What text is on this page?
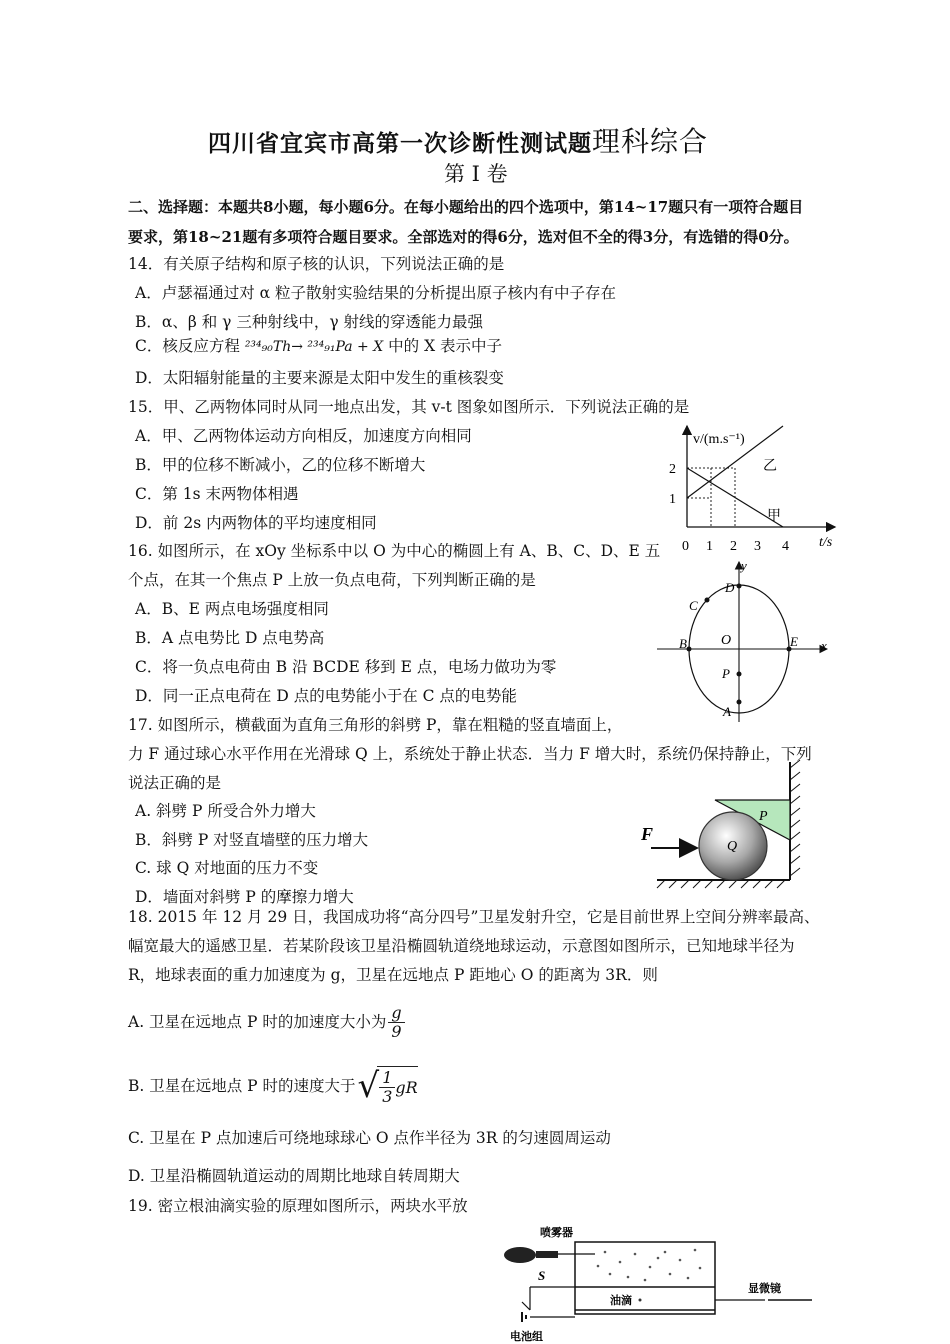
四川省宜宾市高第一次诊断性测试题理科综合
第 I 卷
二、选择题：本题共8小题，每小题6分。在每小题给出的四个选项中，第14~17题只有一项符合题目
要求，第18~21题有多项符合题目要求。全部选对的得6分，选对但不全的得3分，有选错的得0分。
14．有关原子结构和原子核的认识，下列说法正确的是
A．卢瑟福通过对 α 粒子散射实验结果的分析提出原子核内有中子存在
B．α、β 和 γ 三种射线中，γ 射线的穿透能力最强
C．核反应方程 ²³⁴₉₀Th→ ²³⁴₉₁Pa + X 中的 X 表示中子
D．太阳辐射能量的主要来源是太阳中发生的重核裂变
15．甲、乙两物体同时从同一地点出发，其 v-t 图象如图所示．下列说法正确的是
A．甲、乙两物体运动方向相反，加速度方向相同
B．甲的位移不断减小，乙的位移不断增大
C．第 1s 末两物体相遇
D．前 2s 内两物体的平均速度相同
v/(m.s⁻¹)
t/s
2
1
0 1 2 3 4
乙
甲
16. 如图所示，在 xOy 坐标系中以 O 为中心的椭圆上有 A、B、C、D、E 五
个点，在其一个焦点 P 上放一负点电荷，下列判断正确的是
A．B、E 两点电场强度相同
B．A 点电势比 D 点电势高
C．将一负点电荷由 B 沿 BCDE 移到 E 点，电场力做功为零
D．同一正点电荷在 D 点的电势能小于在 C 点的电势能
y
x
D
C
B	E
O
P
A
17. 如图所示，横截面为直角三角形的斜劈 P，靠在粗糙的竖直墙面上，
力 F 通过球心水平作用在光滑球 Q 上，系统处于静止状态．当力 F 增大时，系统仍保持静止，下列
说法正确的是
A. 斜劈 P 所受合外力增大
B．斜劈 P 对竖直墙壁的压力增大
C. 球 Q 对地面的压力不变
D．墙面对斜劈 P 的摩擦力增大
F
P
Q
18. 2015 年 12 月 29 日，我国成功将“高分四号”卫星发射升空，它是目前世界上空间分辨率最高、
幅宽最大的遥感卫星．若某阶段该卫星沿椭圆轨道绕地球运动，示意图如图所示，已知地球半径为
R，地球表面的重力加速度为 g，卫星在远地点 P 距地心 O 的距离为 3R．则
A. 卫星在远地点 P 时的加速度大小为 $\frac{g}{9}$
B. 卫星在远地点 P 时的速度大于 √ $\frac{1}{3}$ gR
C. 卫星在 P 点加速后可绕地球球心 O 点作半径为 3R 的匀速圆周运动
D. 卫星沿椭圆轨道运动的周期比地球自转周期大
19. 密立根油滴实验的原理如图所示，两块水平放
喷雾器
油滴
S
电池组
显微镜
